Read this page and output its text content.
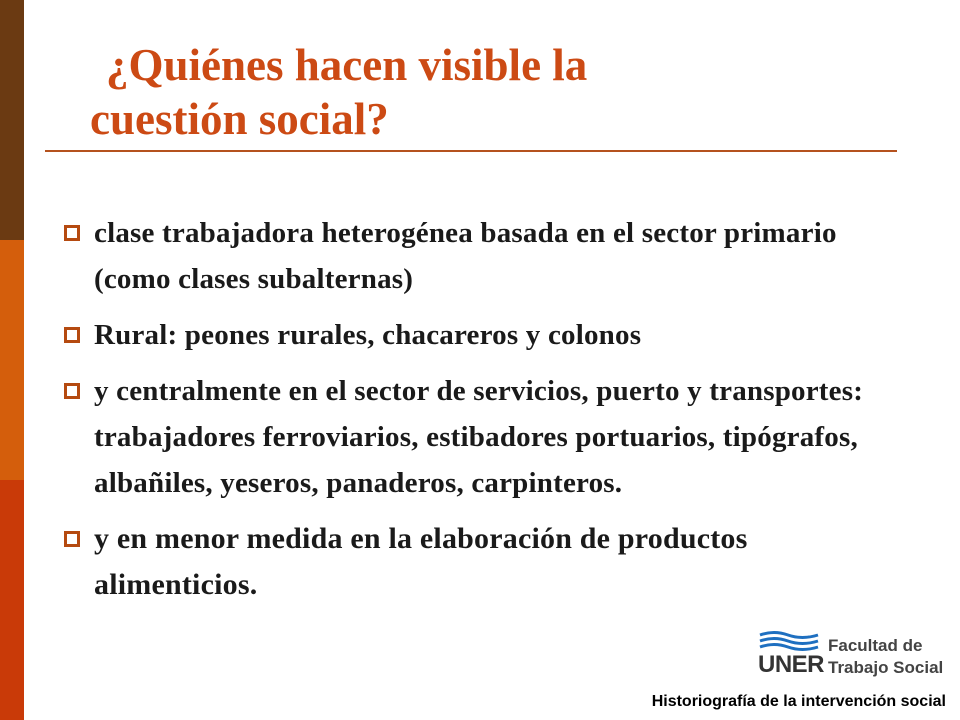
¿Quiénes hacen visible la
cuestión social?
clase trabajadora heterogénea basada en el sector primario (como clases subalternas)
Rural: peones rurales, chacareros y colonos
y centralmente en el sector de servicios, puerto y transportes: trabajadores ferroviarios, estibadores portuarios, tipógrafos, albañiles, yeseros, panaderos, carpinteros.
y en menor medida en la elaboración de productos alimenticios.
UNER
Facultad de
Trabajo Social
Historiografía de la intervención social
